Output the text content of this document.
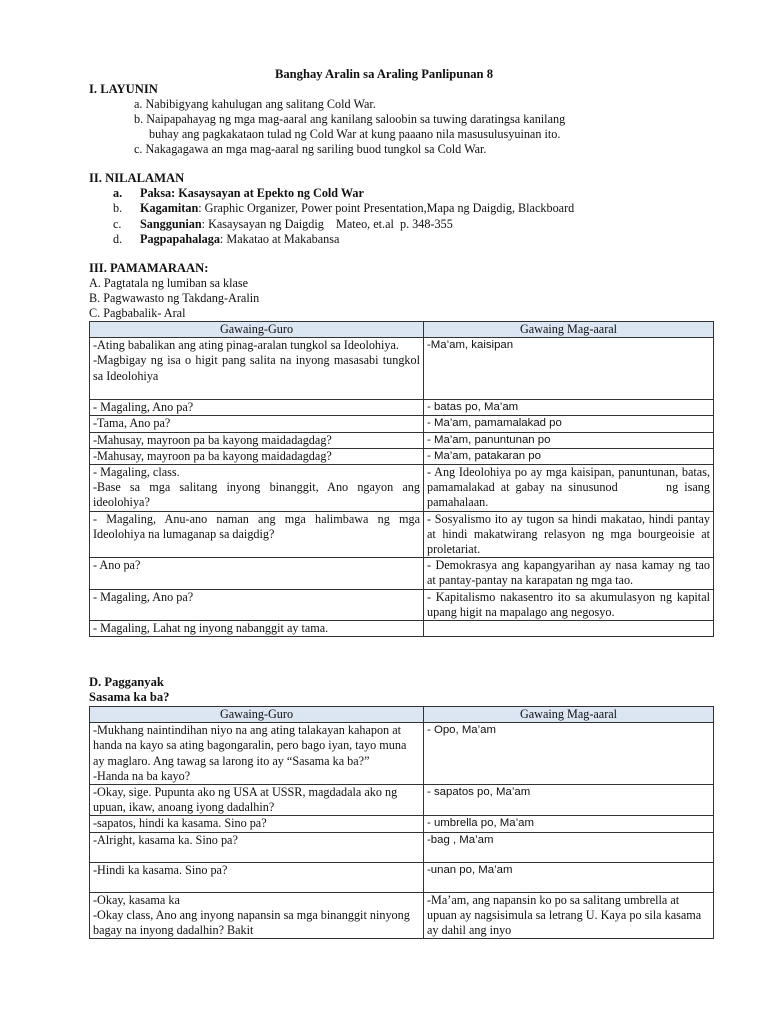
Banghay Aralin sa Araling Panlipunan 8
I. LAYUNIN
a. Nabibigyang kahulugan ang salitang Cold War.
b. Naipapahayag ng mga mag-aaral ang kanilang saloobin sa tuwing daratingsa kanilang
buhay ang pagkakataon tulad ng Cold War at kung paaano nila masusulusyuinan ito.
c. Nakagagawa an mga mag-aaral ng sariling buod tungkol sa Cold War.
II. NILALAMAN
a.	Paksa: Kasaysayan at Epekto ng Cold War
b.	Kagamitan: Graphic Organizer, Power point Presentation,Mapa ng Daigdig, Blackboard
c.	Sanggunian: Kasaysayan ng Daigdig    Mateo, et.al  p. 348-355
d.	Pagpapahalaga: Makatao at Makabansa
III. PAMAMARAAN:
A. Pagtatala ng lumiban sa klase
B. Pagwawasto ng Takdang-Aralin
C. Pagbabalik- Aral
Gawaing-Guro	Gawaing Mag-aaral

-Ating babalikan ang ating pinag-aralan tungkol sa Ideolohiya.
-Magbigay ng isa o higit pang salita na inyong masasabi tungkol sa Ideolohiya	-Ma’am, kaisipan
- Magaling, Ano pa?	- batas po, Ma’am
-Tama, Ano pa?	- Ma’am, pamamalakad po
-Mahusay, mayroon pa ba kayong maidadagdag?	- Ma’am, panuntunan po
-Mahusay, mayroon pa ba kayong maidadagdag?	- Ma’am, patakaran po

- Magaling, class.
-Base sa mga salitang inyong binanggit, Ano ngayon ang ideolohiya?	- Ang Ideolohiya po ay mga kaisipan, panuntunan, batas, pamamalakad at gabay na sinusunod        ng isang pamahalaan.
- Magaling, Anu-ano naman ang mga halimbawa ng mga Ideolohiya na lumaganap sa daigdig?	- Sosyalismo ito ay tugon sa hindi makatao, hindi pantay at hindi makatwirang relasyon ng mga bourgeoisie at proletariat.
- Ano pa?	- Demokrasya ang kapangyarihan ay nasa kamay ng tao at pantay-pantay na karapatan ng mga tao.
- Magaling, Ano pa?	- Kapitalismo nakasentro ito sa akumulasyon ng kapital upang higit na mapalago ang negosyo.
- Magaling, Lahat ng inyong nabanggit ay tama.	
D. Pagganyak
Sasama ka ba?
Gawaing-Guro	Gawaing Mag-aaral

-Mukhang naintindihan niyo na ang ating talakayan kahapon at handa na kayo sa ating bagongaralin, pero bago iyan, tayo muna ay maglaro. Ang tawag sa larong ito ay “Sasama ka ba?”
-Handa na ba kayo?	- Opo, Ma’am
-Okay, sige. Pupunta ako ng USA at USSR, magdadala ako ng upuan, ikaw, anoang iyong dadalhin?	- sapatos po, Ma’am
-sapatos, hindi ka kasama. Sino pa?	- umbrella po, Ma’am
-Alright, kasama ka. Sino pa?	-bag , Ma’am
-Hindi ka kasama. Sino pa?	-unan po, Ma’am

-Okay, kasama ka
-Okay class, Ano ang inyong napansin sa mga binanggit ninyong bagay na inyong dadalhin? Bakit	-Ma’am, ang napansin ko po sa salitang umbrella at upuan ay nagsisimula sa letrang U. Kaya po sila kasama ay dahil ang inyo
